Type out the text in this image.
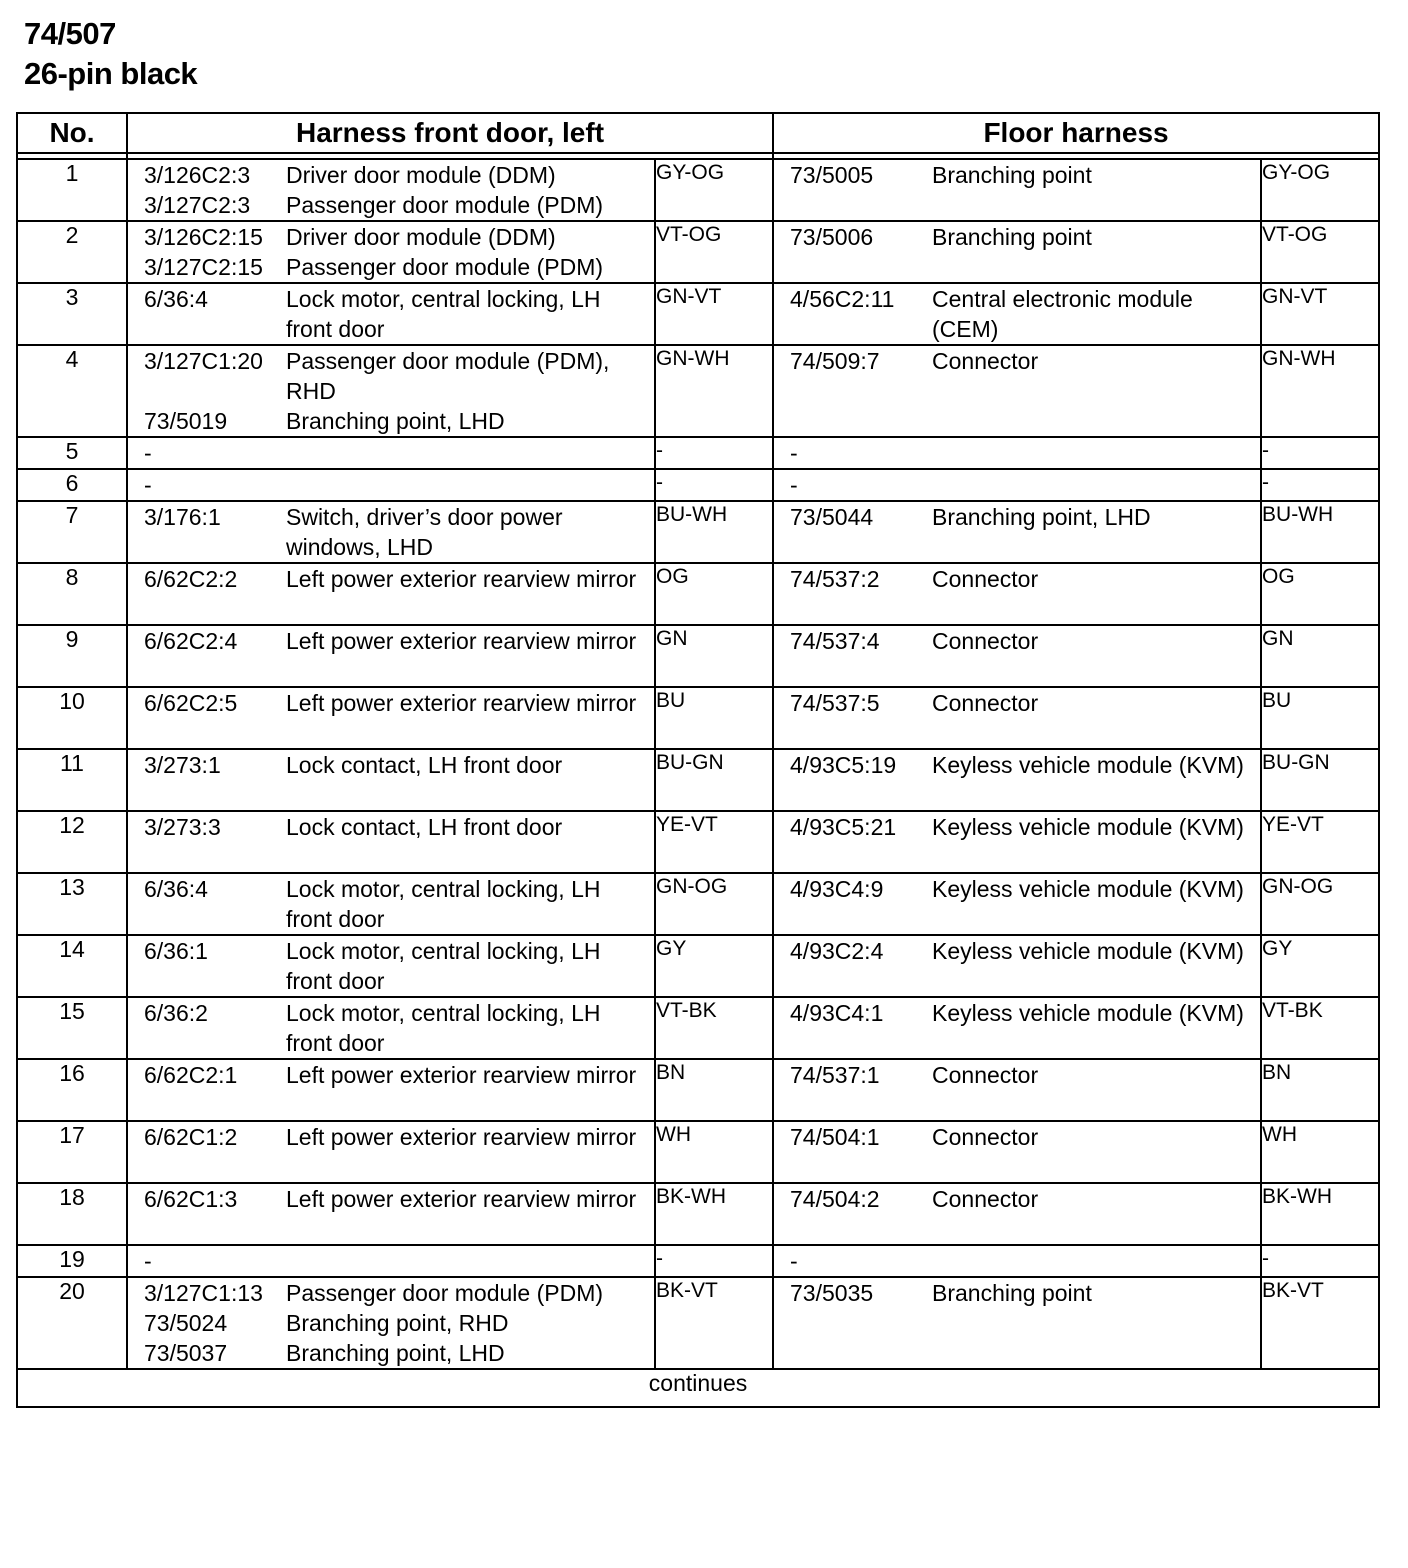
74/507
26-pin black
No.	Harness front door, left		Floor harness	

1	3/126C2:3	Driver door module (DDM)
3/127C2:3	Passenger door module (PDM)
	GY-OG	73/5005	Branching point	GY-OG
2	3/126C2:15	Driver door module (DDM)
3/127C2:15	Passenger door module (PDM)
	VT-OG	73/5006	Branching point	VT-OG
3	6/36:4 Lock motor, central locking, LH front door	GN-VT	4/56C2:11 Central electronic module (CEM)	GN-VT
4	3/127C1:20	Passenger door module (PDM), RHD
73/5019	Branching point, LHD
	GN-WH	74/509:7	Connector	GN-WH
5	-	-	-	-
6	-	-	-	-
7	3/176:1 Switch, driver’s door power windows, LHD	BU-WH	73/5044 Branching point, LHD	BU-WH
8	6/62C2:2 Left power exterior rearview mirror	OG	74/537:2 Connector	OG
9	6/62C2:4 Left power exterior rearview mirror	GN	74/537:4 Connector	GN
10	6/62C2:5 Left power exterior rearview mirror	BU	74/537:5 Connector	BU
11	3/273:1 Lock contact, LH front door	BU-GN	4/93C5:19 Keyless vehicle module (KVM)	BU-GN
12	3/273:3 Lock contact, LH front door	YE-VT	4/93C5:21 Keyless vehicle module (KVM)	YE-VT
13	6/36:4 Lock motor, central locking, LH front door	GN-OG	4/93C4:9 Keyless vehicle module (KVM)	GN-OG
14	6/36:1 Lock motor, central locking, LH front door	GY	4/93C2:4 Keyless vehicle module (KVM)	GY
15	6/36:2 Lock motor, central locking, LH front door	VT-BK	4/93C4:1 Keyless vehicle module (KVM)	VT-BK
16	6/62C2:1 Left power exterior rearview mirror	BN	74/537:1 Connector	BN
17	6/62C1:2 Left power exterior rearview mirror	WH	74/504:1 Connector	WH
18	6/62C1:3 Left power exterior rearview mirror	BK-WH	74/504:2 Connector	BK-WH
19	-	-	-	-
20	3/127C1:13	Passenger door module (PDM)
73/5024	Branching point, RHD
73/5037	Branching point, LHD
	BK-VT	73/5035	Branching point	BK-VT
continues				
